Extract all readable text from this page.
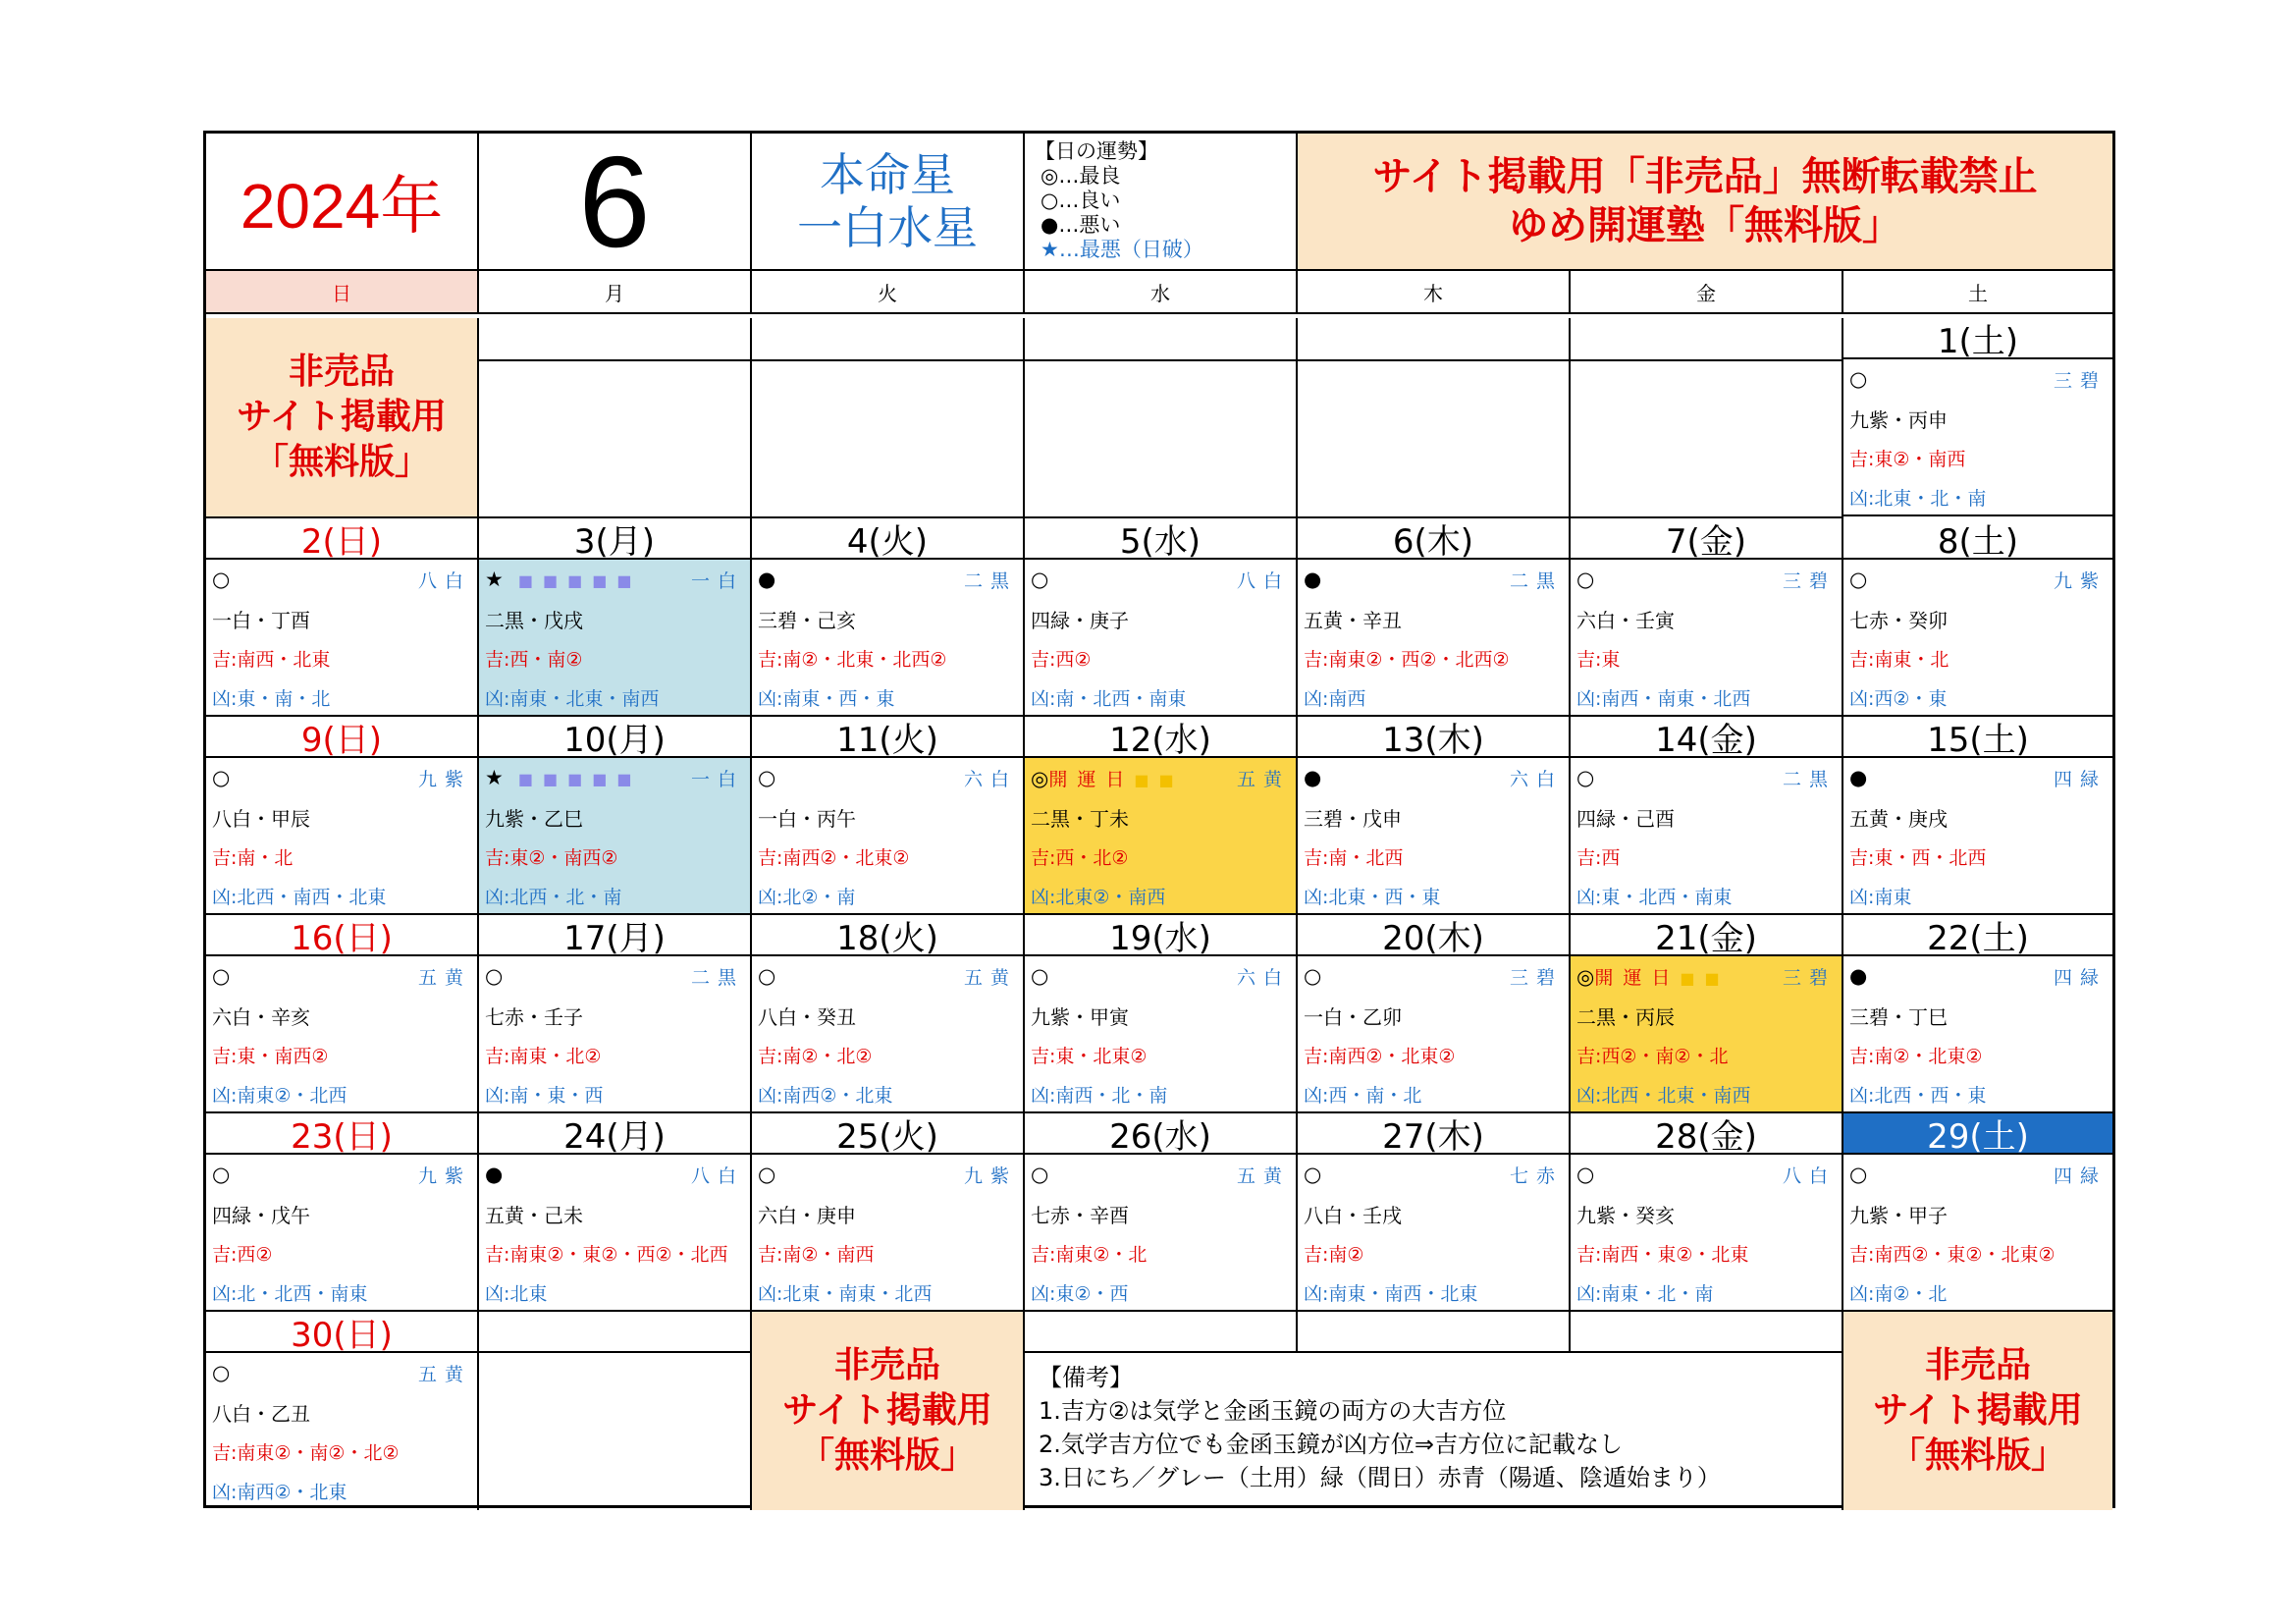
2024年 6	本命星
一白水星
【日の運勢】
◎…最良
○…良い
●…悪い
★…最悪（日破）
サイト掲載用「非売品」無断転載禁止
ゆめ開運塾「無料版」
日	月	火	水	木	金	土
非売品
サイト掲載用
「無料版」
1(土)
○	三碧
九紫・丙申
吉:東②・南西
凶:北東・北・南
2(日)
○	八白
一白・丁酉
吉:南西・北東
凶:東・南・北
3(月)
★ ■■■■■	一白
二黒・戊戌
吉:西・南②
凶:南東・北東・南西
4(火)
●	二黒
三碧・己亥
吉:南②・北東・北西②
凶:南東・西・東
5(水)
○	八白
四緑・庚子
吉:西②
凶:南・北西・南東
6(木)
●	二黒
五黄・辛丑
吉:南東②・西②・北西②
凶:南西
7(金)
○	三碧
六白・壬寅
吉:東
凶:南西・南東・北西
8(土)
○	九紫
七赤・癸卯
吉:南東・北
凶:西②・東
9(日)
○	九紫
八白・甲辰
吉:南・北
凶:北西・南西・北東
10(月)
★ ■■■■■	一白
九紫・乙巳
吉:東②・南西②
凶:北西・北・南
11(火)
○	六白
一白・丙午
吉:南西②・北東②
凶:北②・南
12(水)
◎開運日■■	五黄
二黒・丁未
吉:西・北②
凶:北東②・南西
13(木)
●	六白
三碧・戊申
吉:南・北西
凶:北東・西・東
14(金)
○	二黒
四緑・己酉
吉:西
凶:東・北西・南東
15(土)
●	四緑
五黄・庚戌
吉:東・西・北西
凶:南東
16(日)
○	五黄
六白・辛亥
吉:東・南西②
凶:南東②・北西
17(月)
○	二黒
七赤・壬子
吉:南東・北②
凶:南・東・西
18(火)
○	五黄
八白・癸丑
吉:南②・北②
凶:南西②・北東
19(水)
○	六白
九紫・甲寅
吉:東・北東②
凶:南西・北・南
20(木)
○	三碧
一白・乙卯
吉:南西②・北東②
凶:西・南・北
21(金)
◎開運日■■	三碧
二黒・丙辰
吉:西②・南②・北
凶:北西・北東・南西
22(土)
●	四緑
三碧・丁巳
吉:南②・北東②
凶:北西・西・東
23(日)
○	九紫
四緑・戊午
吉:西②
凶:北・北西・南東
24(月)
●	八白
五黄・己未
吉:南東②・東②・西②・北西
凶:北東
25(火)
○	九紫
六白・庚申
吉:南②・南西
凶:北東・南東・北西
26(水)
○	五黄
七赤・辛酉
吉:南東②・北
凶:東②・西
27(木)
○	七赤
八白・壬戌
吉:南②
凶:南東・南西・北東
28(金)
○	八白
九紫・癸亥
吉:南西・東②・北東
凶:南東・北・南
29(土)
○	四緑
九紫・甲子
吉:南西②・東②・北東②
凶:南②・北
30(日)
○	五黄
八白・乙丑
吉:南東②・南②・北②
凶:南西②・北東
非売品
サイト掲載用
「無料版」
【備考】
1.吉方②は気学と金函玉鏡の両方の大吉方位
2.気学吉方位でも金函玉鏡が凶方位⇒吉方位に記載なし
3.日にち／グレー（土用）緑（間日）赤青（陽遁、陰遁始まり）
非売品
サイト掲載用
「無料版」
